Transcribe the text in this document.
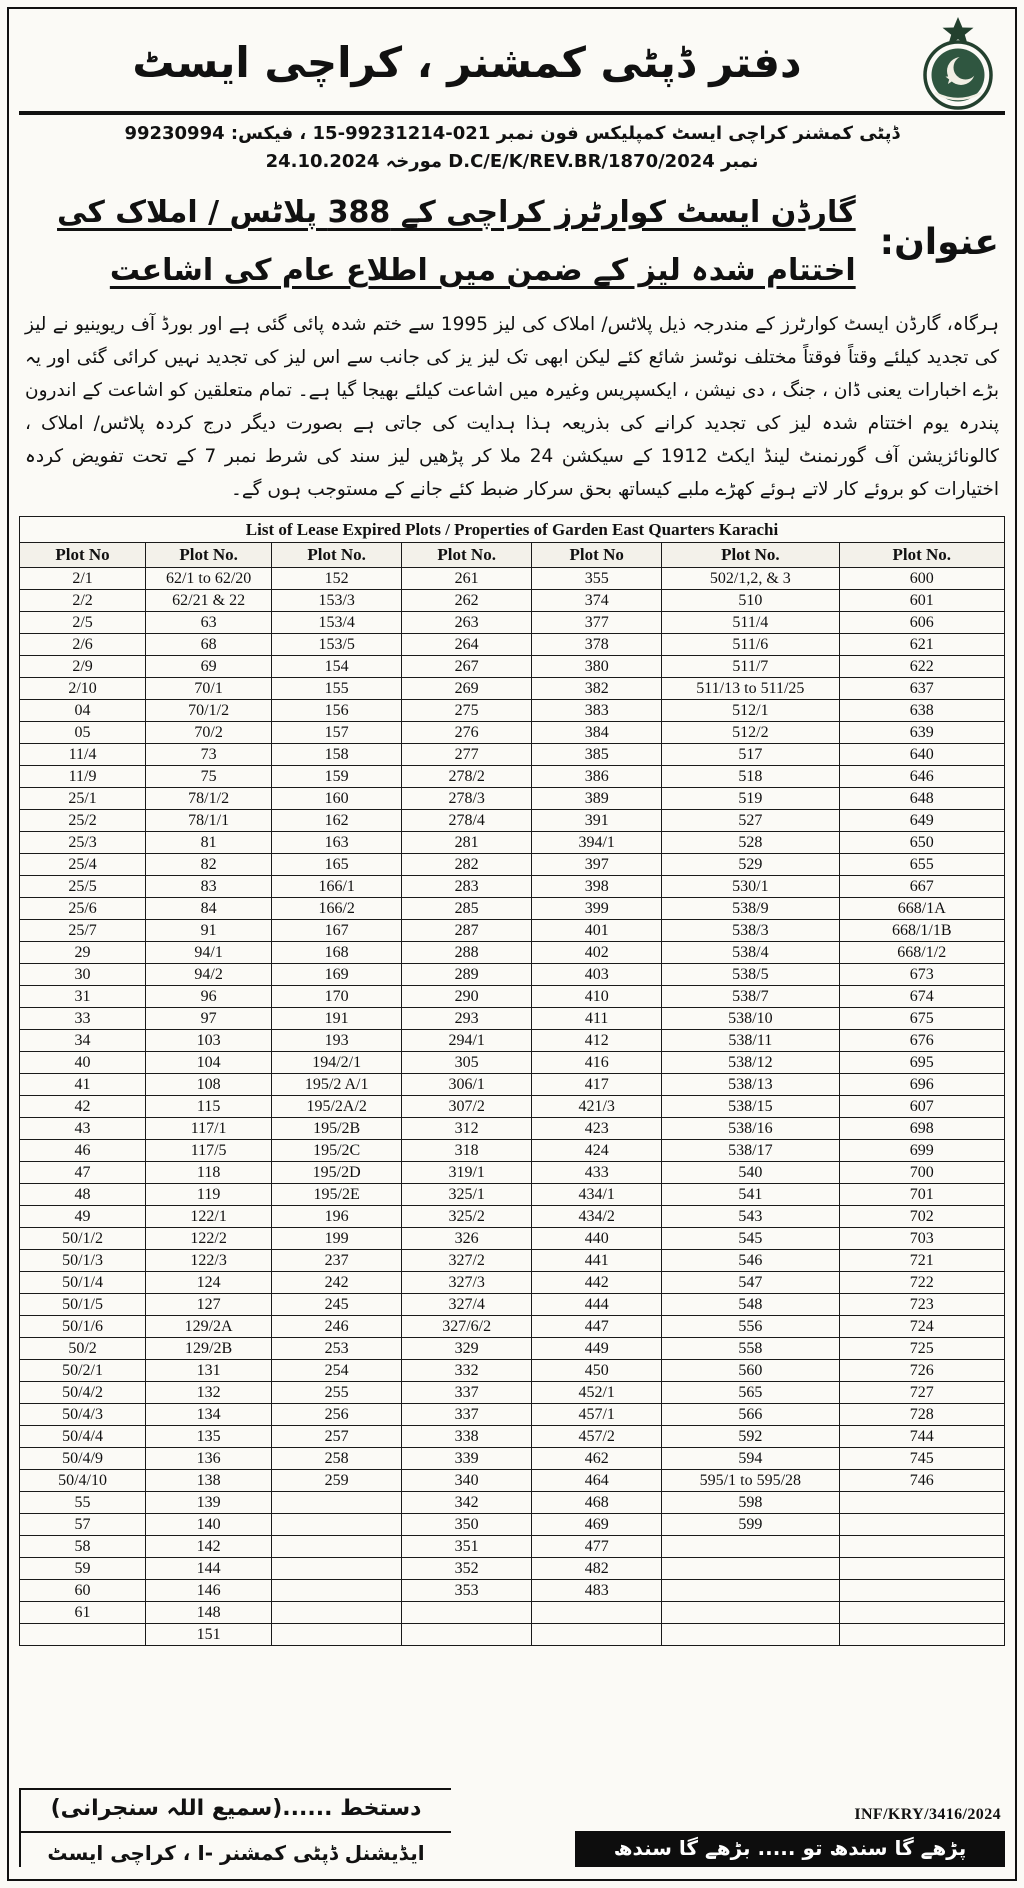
دفتر ڈپٹی کمشنر ، کراچی ایسٹ
ڈپٹی کمشنر کراچی ایسٹ کمپلیکس فون نمبر 021-99231214-15 ، فیکس: 99230994
نمبر D.C/E/K/REV.BR/1870/2024 مورخہ 24.10.2024
عنوان:
گارڈن ایسٹ کوارٹرز کراچی کے 388 پلاٹس / املاک کی
اختتام شدہ لیز کے ضمن میں اطلاع عام کی اشاعت

ہرگاہ، گارڈن ایسٹ کوارٹرز کے مندرجہ ذیل پلاٹس/ املاک کی لیز 1995 سے ختم شدہ پائی گئی ہے اور بورڈ آف ریوینیو نے لیز کی تجدید کیلئے وقتاً فوقتاً مختلف نوٹسز شائع کئے لیکن ابھی تک لیز یز کی جانب سے اس لیز کی تجدید نہیں کرائی گئی اور یہ بڑے اخبارات یعنی ڈان ، جنگ ، دی نیشن ، ایکسپریس وغیرہ میں اشاعت کیلئے بھیجا گیا ہے۔ تمام متعلقین کو اشاعت کے اندرون پندرہ یوم اختتام شدہ لیز کی تجدید کرانے کی بذریعہ ہذا ہدایت کی جاتی ہے بصورت دیگر درج کردہ پلاٹس/ املاک ، کالونائزیشن آف گورنمنٹ لینڈ ایکٹ 1912 کے سیکشن 24 ملا کر پڑھیں لیز سند کی شرط نمبر 7 کے تحت تفویض کردہ اختیارات کو بروئے کار لاتے ہوئے کھڑے ملبے کیساتھ بحق سرکار ضبط کئے جانے کے مستوجب ہوں گے۔

List of Lease Expired Plots / Properties of Garden East Quarters Karachi						
Plot No	Plot No.	Plot No.	Plot No.	Plot No	Plot No.	Plot No.
2/1	62/1 to 62/20	152	261	355	502/1,2, & 3	600
2/2	62/21 & 22	153/3	262	374	510	601
2/5	63	153/4	263	377	511/4	606
2/6	68	153/5	264	378	511/6	621
2/9	69	154	267	380	511/7	622
2/10	70/1	155	269	382	511/13 to 511/25	637
04	70/1/2	156	275	383	512/1	638
05	70/2	157	276	384	512/2	639
11/4	73	158	277	385	517	640
11/9	75	159	278/2	386	518	646
25/1	78/1/2	160	278/3	389	519	648
25/2	78/1/1	162	278/4	391	527	649
25/3	81	163	281	394/1	528	650
25/4	82	165	282	397	529	655
25/5	83	166/1	283	398	530/1	667
25/6	84	166/2	285	399	538/9	668/1A
25/7	91	167	287	401	538/3	668/1/1B
29	94/1	168	288	402	538/4	668/1/2
30	94/2	169	289	403	538/5	673
31	96	170	290	410	538/7	674
33	97	191	293	411	538/10	675
34	103	193	294/1	412	538/11	676
40	104	194/2/1	305	416	538/12	695
41	108	195/2 A/1	306/1	417	538/13	696
42	115	195/2A/2	307/2	421/3	538/15	607
43	117/1	195/2B	312	423	538/16	698
46	117/5	195/2C	318	424	538/17	699
47	118	195/2D	319/1	433	540	700
48	119	195/2E	325/1	434/1	541	701
49	122/1	196	325/2	434/2	543	702
50/1/2	122/2	199	326	440	545	703
50/1/3	122/3	237	327/2	441	546	721
50/1/4	124	242	327/3	442	547	722
50/1/5	127	245	327/4	444	548	723
50/1/6	129/2A	246	327/6/2	447	556	724
50/2	129/2B	253	329	449	558	725
50/2/1	131	254	332	450	560	726
50/4/2	132	255	337	452/1	565	727
50/4/3	134	256	337	457/1	566	728
50/4/4	135	257	338	457/2	592	744
50/4/9	136	258	339	462	594	745
50/4/10	138	259	340	464	595/1 to 595/28	746
55	139		342	468	598	
57	140		350	469	599	
58	142		351	477		
59	144		352	482		
60	146		353	483		
61	148					
	151					
دستخط ......(سمیع اللہ سنجرانی)
ایڈیشنل ڈپٹی کمشنر -I ، کراچی ایسٹ
INF/KRY/3416/2024
پڑھے گا سندھ تو ..... بڑھے گا سندھ
